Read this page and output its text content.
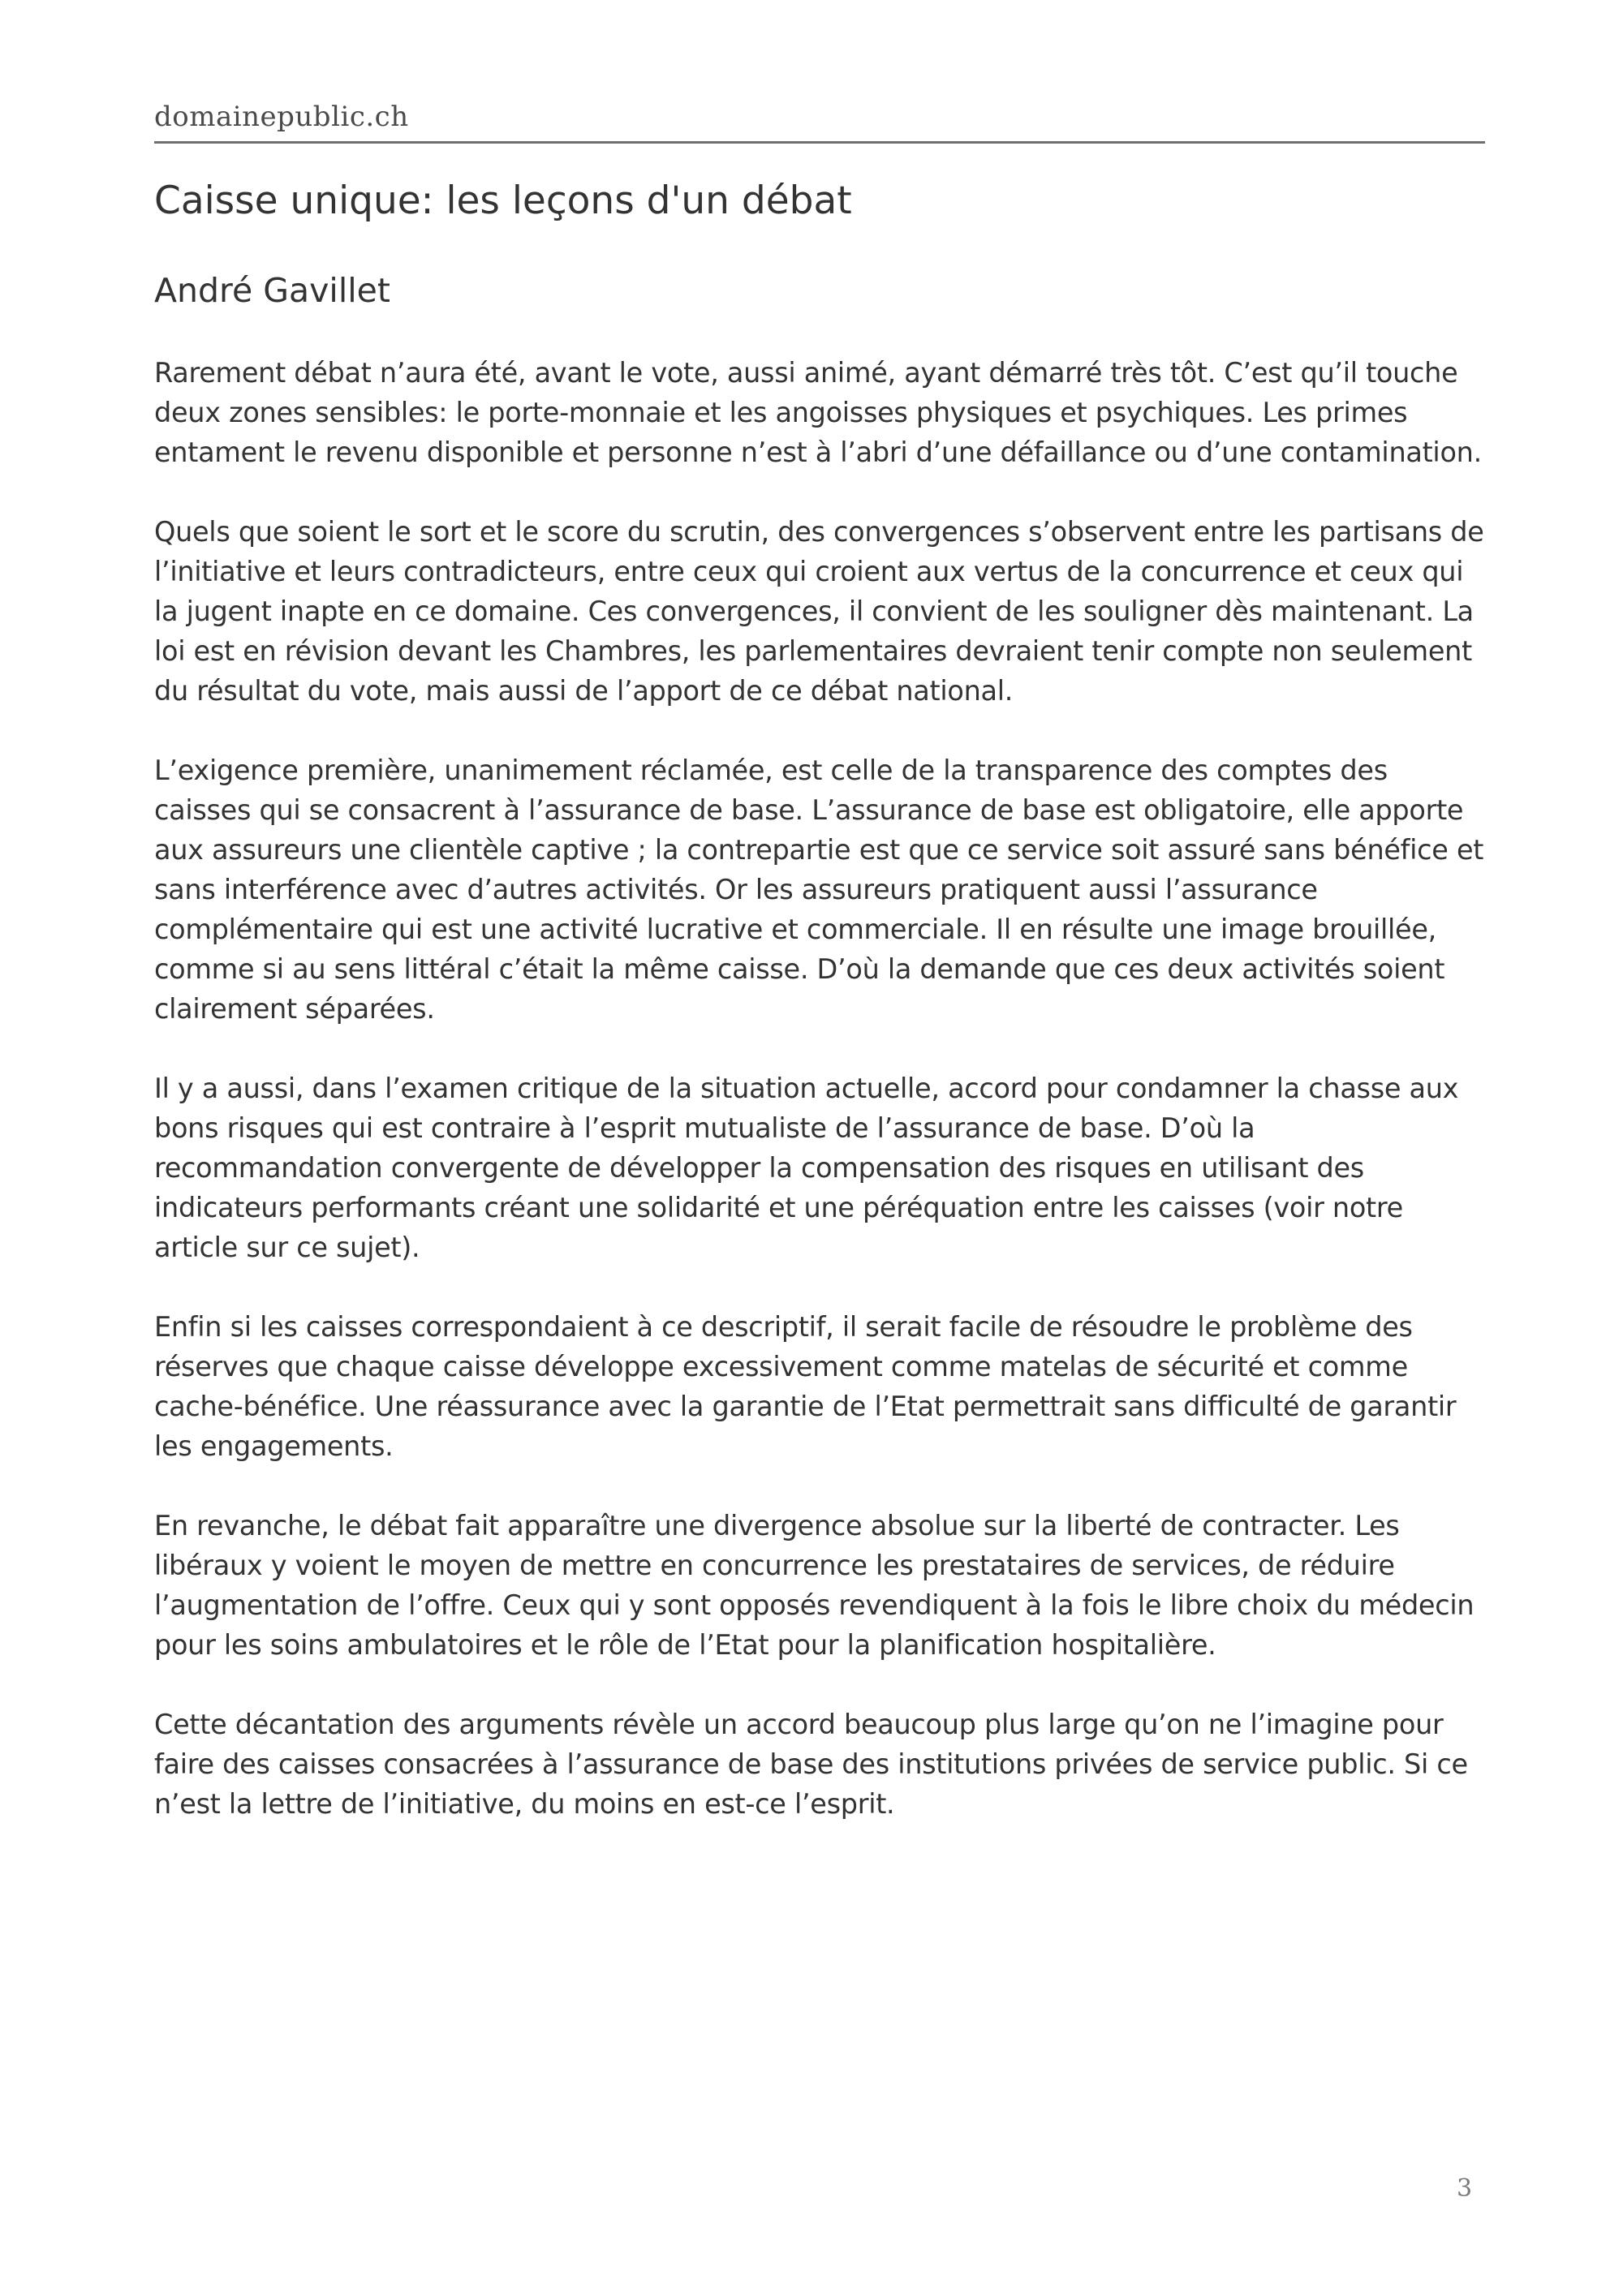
domainepublic.ch
Caisse unique: les leçons d'un débat
André Gavillet

Rarement débat n’aura été, avant le vote, aussi animé, ayant démarré très tôt. C’est qu’il touche deux zones sensibles: le porte-monnaie et les angoisses physiques et psychiques. Les primes entament le revenu disponible et personne n’est à l’abri d’une défaillance ou d’une contamination.

Quels que soient le sort et le score du scrutin, des convergences s’observent entre les partisans de l’initiative et leurs contradicteurs, entre ceux qui croient aux vertus de la concurrence et ceux qui la jugent inapte en ce domaine. Ces convergences, il convient de les souligner dès maintenant. La loi est en révision devant les Chambres, les parlementaires devraient tenir compte non seulement du résultat du vote, mais aussi de l’apport de ce débat national.

L’exigence première, unanimement réclamée, est celle de la transparence des comptes des caisses qui se consacrent à l’assurance de base. L’assurance de base est obligatoire, elle apporte aux assureurs une clientèle captive ; la contrepartie est que ce service soit assuré sans bénéfice et sans interférence avec d’autres activités. Or les assureurs pratiquent aussi l’assurance complémentaire qui est une activité lucrative et commerciale. Il en résulte une image brouillée, comme si au sens littéral c’était la même caisse. D’où la demande que ces deux activités soient clairement séparées.

Il y a aussi, dans l’examen critique de la situation actuelle, accord pour condamner la chasse aux bons risques qui est contraire à l’esprit mutualiste de l’assurance de base. D’où la recommandation convergente de développer la compensation des risques en utilisant des indicateurs performants créant une solidarité et une péréquation entre les caisses (voir notre article sur ce sujet).

Enfin si les caisses correspondaient à ce descriptif, il serait facile de résoudre le problème des réserves que chaque caisse développe excessivement comme matelas de sécurité et comme cache-bénéfice. Une réassurance avec la garantie de l’Etat permettrait sans difficulté de garantir les engagements.

En revanche, le débat fait apparaître une divergence absolue sur la liberté de contracter. Les libéraux y voient le moyen de mettre en concurrence les prestataires de services, de réduire l’augmentation de l’offre. Ceux qui y sont opposés revendiquent à la fois le libre choix du médecin pour les soins ambulatoires et le rôle de l’Etat pour la planification hospitalière.

Cette décantation des arguments révèle un accord beaucoup plus large qu’on ne l’imagine pour faire des caisses consacrées à l’assurance de base des institutions privées de service public. Si ce n’est la lettre de l’initiative, du moins en est-ce l’esprit.

3
